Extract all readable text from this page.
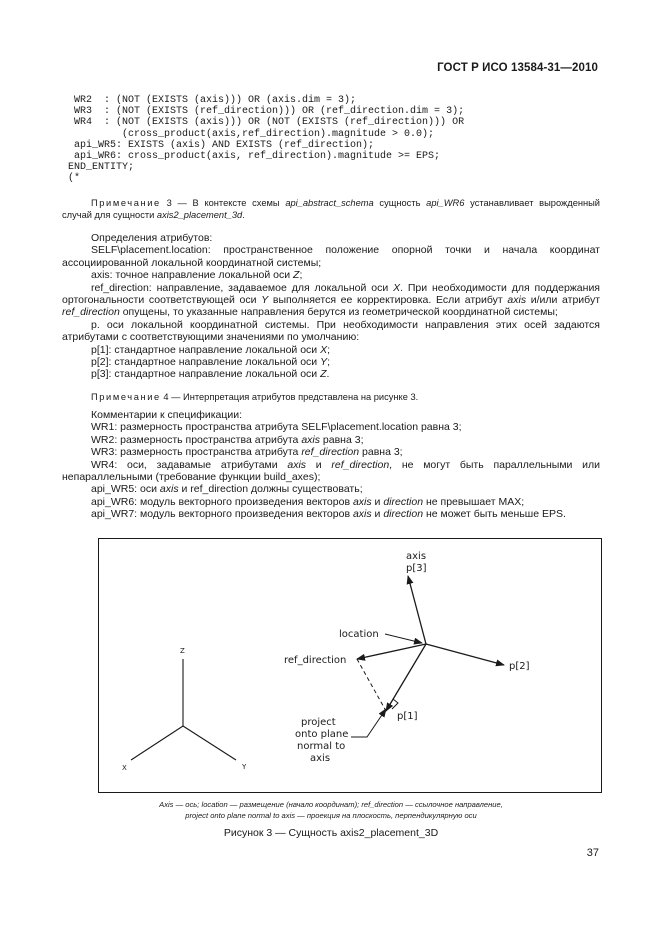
ГОСТ Р ИСО 13584-31—2010
WR2  : (NOT (EXISTS (axis))) OR (axis.dim = 3);
WR3  : (NOT (EXISTS (ref_direction))) OR (ref_direction.dim = 3);
WR4  : (NOT (EXISTS (axis))) OR (NOT (EXISTS (ref_direction))) OR
(cross_product(axis,ref_direction).magnitude > 0.0);
api_WR5: EXISTS (axis) AND EXISTS (ref_direction);
api_WR6: cross_product(axis, ref_direction).magnitude >= EPS;
END_ENTITY;
(*

Примечание 3 — В контексте схемы api_abstract_schema сущность api_WR6 устанавливает вырожденный случай для сущности axis2_placement_3d.

Определения атрибутов:

SELF\placement.location: пространственное положение опорной точки и начала координат ассоциированной локальной координатной системы;

axis: точное направление локальной оси Z;

ref_direction: направление, задаваемое для локальной оси X. При необходимости для поддержания ортогональности соответствующей оси Y выполняется ее корректировка. Если атрибут axis и/или атрибут ref_direction опущены, то указанные направления берутся из геометрической координатной системы;

р. оси локальной координатной системы. При необходимости направления этих осей задаются атрибутами с соответствующими значениями по умолчанию:

p[1]: стандартное направление локальной оси X;

p[2]: стандартное направление локальной оси Y;

p[3]: стандартное направление локальной оси Z.

Примечание 4 — Интерпретация атрибутов представлена на рисунке 3.

Комментарии к спецификации:

WR1: размерность пространства атрибута SELF\placement.location равна 3;

WR2: размерность пространства атрибута axis равна 3;

WR3: размерность пространства атрибута ref_direction равна 3;

WR4: оси, задавамые атрибутами axis и ref_direction, не могут быть параллельными или непараллельными (требование функции build_axes);

api_WR5: оси axis и ref_direction должны существовать;

api_WR6: модуль векторного произведения векторов axis и direction не превышает MAX;

api_WR7: модуль векторного произведения векторов axis и direction не может быть меньше EPS.

Z
X	Y
axis
p[3]
location
ref_direction
p[2]
p[1]
project
onto plane
normal to
axis
Axis — ось; location — размещение (начало координат); ref_direction — ссылочное направление,
project onto plane normal to axis — проекция на плоскость, перпендикулярную оси
Рисунок 3 — Сущность axis2_placement_3D
37
